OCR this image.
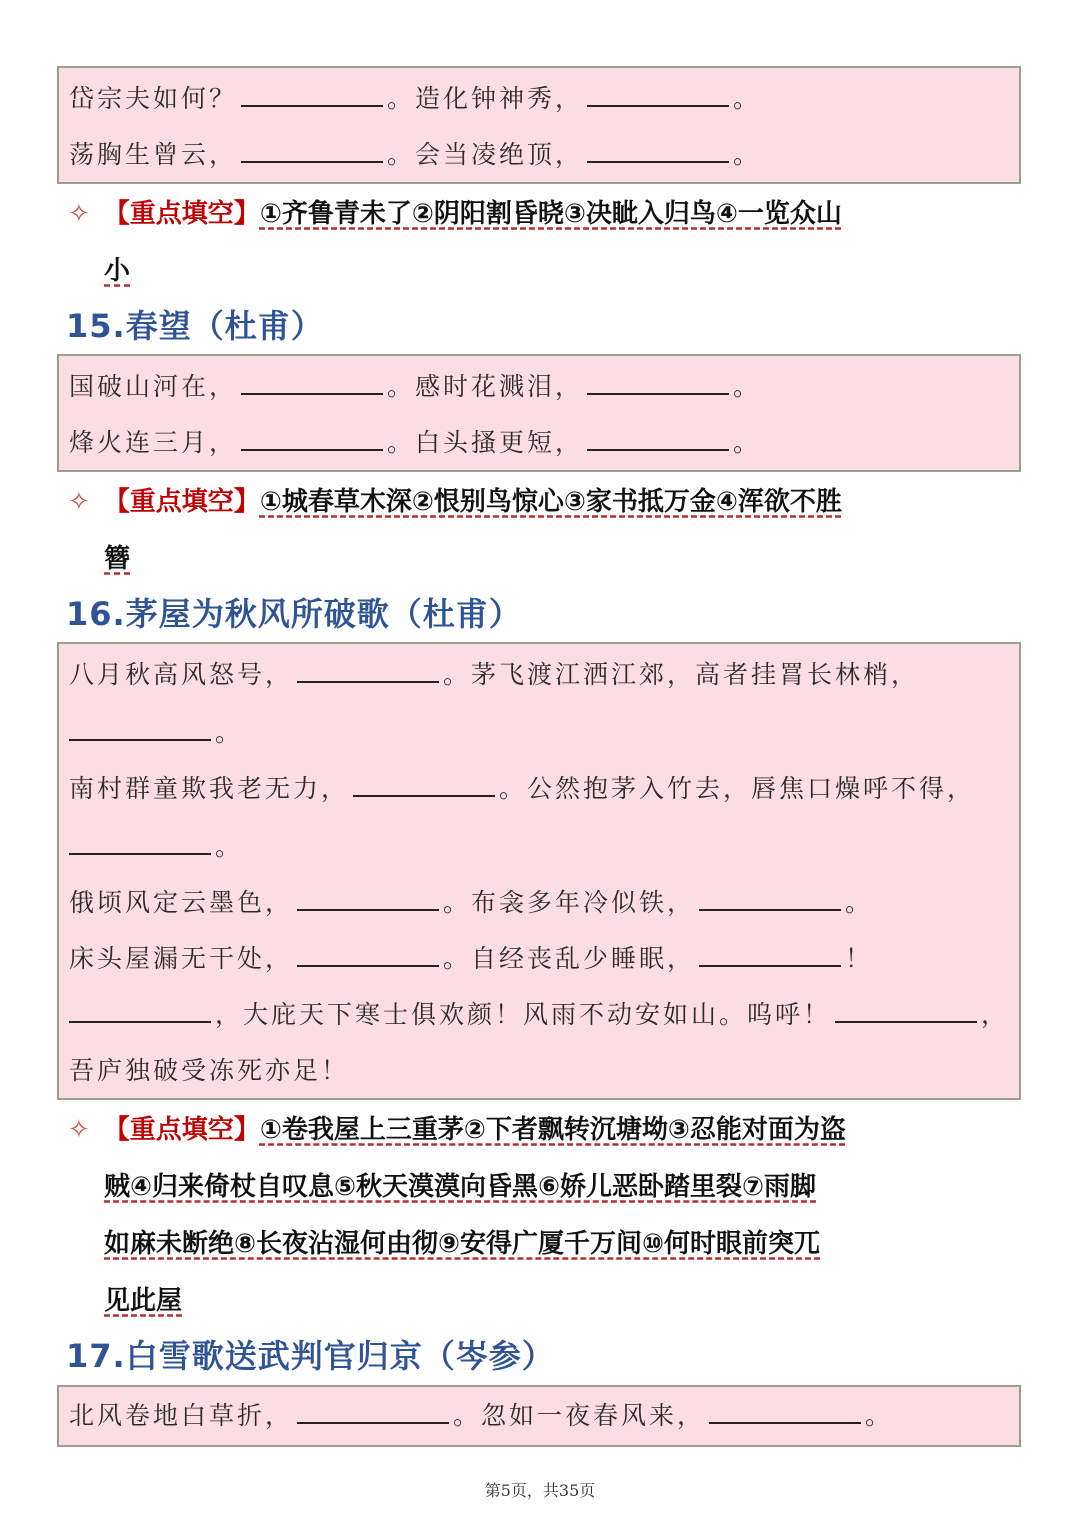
岱宗夫如何？	。造化钟神秀，	。
荡胸生曾云，	。会当凌绝顶，	。
✧ 【重点填空】①齐鲁青未了②阴阳割昏晓③决眦入归鸟④一览众山
小
15.春望（杜甫）
国破山河在，	。感时花溅泪，	。
烽火连三月，	。白头搔更短，	。
✧ 【重点填空】①城春草木深②恨别鸟惊心③家书抵万金④浑欲不胜
簪
16.茅屋为秋风所破歌（杜甫）
八月秋高风怒号，	。茅飞渡江洒江郊，高者挂罥长林梢，
。
南村群童欺我老无力，	。公然抱茅入竹去，唇焦口燥呼不得，
。
俄顷风定云墨色，	。布衾多年冷似铁，	。
床头屋漏无干处，	。自经丧乱少睡眠，	！
，大庇天下寒士俱欢颜！风雨不动安如山。呜呼！	，
吾庐独破受冻死亦足！
✧ 【重点填空】①卷我屋上三重茅②下者飘转沉塘坳③忍能对面为盗
贼④归来倚杖自叹息⑤秋天漠漠向昏黑⑥娇儿恶卧踏里裂⑦雨脚
如麻未断绝⑧长夜沾湿何由彻⑨安得广厦千万间⑩何时眼前突兀
见此屋
17.白雪歌送武判官归京（岑参）
北风卷地白草折，	。忽如一夜春风来，	。
第5页，共35页
